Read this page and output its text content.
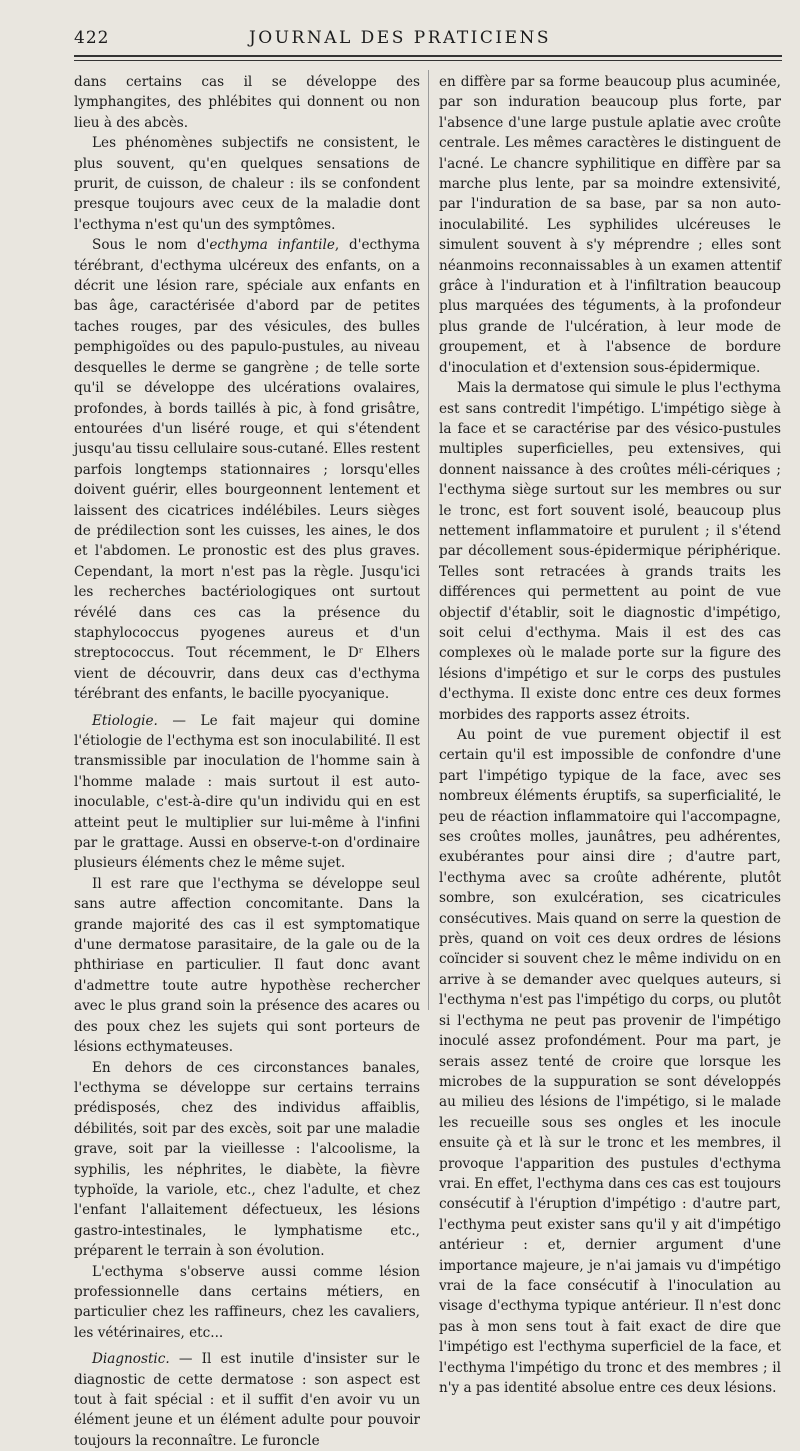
422	JOURNAL DES PRATICIENS

dans certains cas il se développe des lymphangites, des phlébites qui donnent ou non lieu à des abcès.

Les phénomènes subjectifs ne consistent, le plus souvent, qu'en quelques sensations de prurit, de cuisson, de chaleur : ils se confondent presque toujours avec ceux de la maladie dont l'ecthyma n'est qu'un des symptômes.

Sous le nom d'ecthyma infantile, d'ecthyma térébrant, d'ecthyma ulcéreux des enfants, on a décrit une lésion rare, spéciale aux enfants en bas âge, caractérisée d'abord par de petites taches rouges, par des vésicules, des bulles pemphigoïdes ou des papulo-pustules, au niveau desquelles le derme se gangrène ; de telle sorte qu'il se développe des ulcérations ovalaires, profondes, à bords taillés à pic, à fond grisâtre, entourées d'un liséré rouge, et qui s'étendent jusqu'au tissu cellulaire sous-cutané. Elles restent parfois longtemps stationnaires ; lorsqu'elles doivent guérir, elles bourgeonnent lentement et laissent des cicatrices indélébiles. Leurs sièges de prédilection sont les cuisses, les aines, le dos et l'abdomen. Le pronostic est des plus graves. Cependant, la mort n'est pas la règle. Jusqu'ici les recherches bactériologiques ont surtout révélé dans ces cas la présence du staphylococcus pyogenes aureus et d'un streptococcus. Tout récemment, le Dʳ Elhers vient de découvrir, dans deux cas d'ecthyma térébrant des enfants, le bacille pyocyanique.

Etiologie. — Le fait majeur qui domine l'étiologie de l'ecthyma est son inoculabilité. Il est transmissible par inoculation de l'homme sain à l'homme malade : mais surtout il est auto-inoculable, c'est-à-dire qu'un individu qui en est atteint peut le multiplier sur lui-même à l'infini par le grattage. Aussi en observe-t-on d'ordinaire plusieurs éléments chez le même sujet.

Il est rare que l'ecthyma se développe seul sans autre affection concomitante. Dans la grande majorité des cas il est symptomatique d'une dermatose parasitaire, de la gale ou de la phthiriase en particulier. Il faut donc avant d'admettre toute autre hypothèse rechercher avec le plus grand soin la présence des acares ou des poux chez les sujets qui sont porteurs de lésions ecthymateuses.

En dehors de ces circonstances banales, l'ecthyma se développe sur certains terrains prédisposés, chez des individus affaiblis, débilités, soit par des excès, soit par une maladie grave, soit par la vieillesse : l'alcoolisme, la syphilis, les néphrites, le diabète, la fièvre typhoïde, la variole, etc., chez l'adulte, et chez l'enfant l'allaitement défectueux, les lésions gastro-intestinales, le lymphatisme etc., préparent le terrain à son évolution.

L'ecthyma s'observe aussi comme lésion professionnelle dans certains métiers, en particulier chez les raffineurs, chez les cavaliers, les vétérinaires, etc...

Diagnostic. — Il est inutile d'insister sur le diagnostic de cette dermatose : son aspect est tout à fait spécial : et il suffit d'en avoir vu un élément jeune et un élément adulte pour pouvoir toujours la reconnaître. Le furoncle

en diffère par sa forme beaucoup plus acuminée, par son induration beaucoup plus forte, par l'absence d'une large pustule aplatie avec croûte centrale. Les mêmes caractères le distinguent de l'acné. Le chancre syphilitique en diffère par sa marche plus lente, par sa moindre extensivité, par l'induration de sa base, par sa non auto-inoculabilité. Les syphilides ulcéreuses le simulent souvent à s'y méprendre ; elles sont néanmoins reconnaissables à un examen attentif grâce à l'induration et à l'infiltration beaucoup plus marquées des téguments, à la profondeur plus grande de l'ulcération, à leur mode de groupement, et à l'absence de bordure d'inoculation et d'extension sous-épidermique.

Mais la dermatose qui simule le plus l'ecthyma est sans contredit l'impétigo. L'impétigo siège à la face et se caractérise par des vésico-pustules multiples superficielles, peu extensives, qui donnent naissance à des croûtes méli-cériques ; l'ecthyma siège surtout sur les membres ou sur le tronc, est fort souvent isolé, beaucoup plus nettement inflammatoire et purulent ; il s'étend par décollement sous-épidermique périphérique. Telles sont retracées à grands traits les différences qui permettent au point de vue objectif d'établir, soit le diagnostic d'impétigo, soit celui d'ecthyma. Mais il est des cas complexes où le malade porte sur la figure des lésions d'impétigo et sur le corps des pustules d'ecthyma. Il existe donc entre ces deux formes morbides des rapports assez étroits.

Au point de vue purement objectif il est certain qu'il est impossible de confondre d'une part l'impétigo typique de la face, avec ses nombreux éléments éruptifs, sa superficialité, le peu de réaction inflammatoire qui l'accompagne, ses croûtes molles, jaunâtres, peu adhérentes, exubérantes pour ainsi dire ; d'autre part, l'ecthyma avec sa croûte adhérente, plutôt sombre, son exulcération, ses cicatricules consécutives. Mais quand on serre la question de près, quand on voit ces deux ordres de lésions coïncider si souvent chez le même individu on en arrive à se demander avec quelques auteurs, si l'ecthyma n'est pas l'impétigo du corps, ou plutôt si l'ecthyma ne peut pas provenir de l'impétigo inoculé assez profondément. Pour ma part, je serais assez tenté de croire que lorsque les microbes de la suppuration se sont développés au milieu des lésions de l'impétigo, si le malade les recueille sous ses ongles et les inocule ensuite çà et là sur le tronc et les membres, il provoque l'apparition des pustules d'ecthyma vrai. En effet, l'ecthyma dans ces cas est toujours consécutif à l'éruption d'impétigo : d'autre part, l'ecthyma peut exister sans qu'il y ait d'impétigo antérieur : et, dernier argument d'une importance majeure, je n'ai jamais vu d'impétigo vrai de la face consécutif à l'inoculation au visage d'ecthyma typique antérieur. Il n'est donc pas à mon sens tout à fait exact de dire que l'impétigo est l'ecthyma superficiel de la face, et l'ecthyma l'impétigo du tronc et des membres ; il n'y a pas identité absolue entre ces deux lésions.
